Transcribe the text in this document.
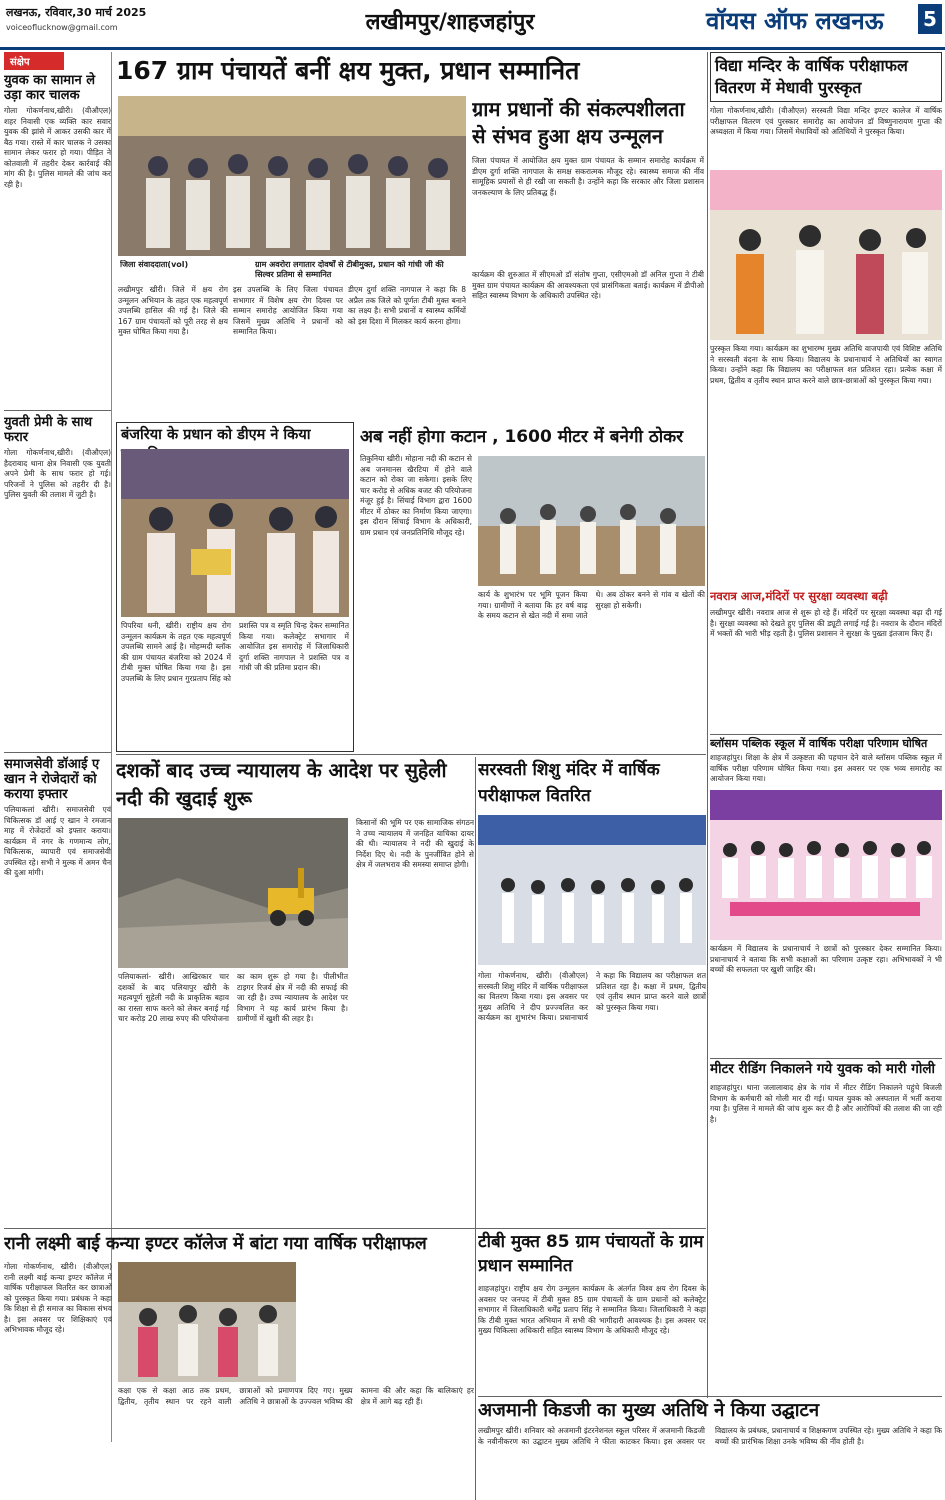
लखनऊ, रविवार,30 मार्च 2025
voiceoflucknow@gmail.com	लखीमपुर/शाहजहांपुर	वॉयस ऑफ लखनऊ 5
संक्षेप
युवक का सामान ले उड़ा कार चालक
गोला गोकर्णनाथ,खीरी। (वीऔएल) शहर निवासी एक व्यक्ति कार सवार युवक की झांसे में आकर उसकी कार में बैठ गया। रास्ते में कार चालक ने उसका सामान लेकर फरार हो गया। पीड़ित ने कोतवाली में तहरीर देकर कार्रवाई की मांग की है। पुलिस मामले की जांच कर रही है।
युवती प्रेमी के साथ फरार
गोला गोकर्णनाथ,खीरी। (वीऔएल) हैदराबाद थाना क्षेत्र निवासी एक युवती अपने प्रेमी के साथ फरार हो गई। परिजनों ने पुलिस को तहरीर दी है। पुलिस युवती की तलाश में जुटी है।
समाजसेवी डॉआई ए खान ने रोजेदारों को कराया इफ्तार
पलियाकलां खीरी। समाजसेवी एवं चिकित्सक डॉ आई ए खान ने रमजान माह में रोजेदारों को इफ्तार कराया। कार्यक्रम में नगर के गणमान्य लोग, चिकित्सक, व्यापारी एवं समाजसेवी उपस्थित रहे। सभी ने मुल्क में अमन चैन की दुआ मांगी।
167 ग्राम पंचायतें बनीं क्षय मुक्त, प्रधान सम्मानित
जिला संवाददाता(vol)	ग्राम अवरोरा लगातार दोवर्षों से टीबीमुक्त, प्रधान को गांधी जी की सिल्वर प्रतिमा से सम्मानित
लखीमपुर खीरी। जिले में क्षय रोग उन्मूलन अभियान के तहत एक महत्वपूर्ण उपलब्धि हासिल की गई है। जिले की 167 ग्राम पंचायतों को पूरी तरह से क्षय मुक्त घोषित किया गया है।
इस उपलब्धि के लिए जिला पंचायत सभागार में विशेष क्षय रोग दिवस पर सम्मान समारोह आयोजित किया गया जिसमें मुख्य अतिथि ने प्रधानों को सम्मानित किया।
डीएम दुर्गा शक्ति नागपाल ने कहा कि 8 अप्रैल तक जिले को पूर्णतः टीबी मुक्त बनाने का लक्ष्य है। सभी प्रधानों व स्वास्थ्य कर्मियों को इस दिशा में मिलकर कार्य करना होगा।
ग्राम प्रधानों की संकल्पशीलता से संभव हुआ क्षय उन्मूलन
जिला पंचायत में आयोजित क्षय मुक्त ग्राम पंचायत के सम्मान समारोह कार्यक्रम में डीएम दुर्गा शक्ति नागपाल के समक्ष सकरात्मक मौजूद रहे। स्वास्थ्य समाज की नींव सामूहिक प्रयासों से ही रखी जा सकती है। उन्होंने कहा कि सरकार और जिला प्रशासन जनकल्याण के लिए प्रतिबद्ध हैं।
कार्यक्रम की शुरुआत में सीएमओ डॉ संतोष गुप्ता, एसीएमओ डॉ अनिल गुप्ता ने टीबी मुक्त ग्राम पंचायत कार्यक्रम की आवश्यकता एवं प्रासंगिकता बताई। कार्यक्रम में डीपीओ सहित स्वास्थ्य विभाग के अधिकारी उपस्थित रहे।
बंजरिया के प्रधान को डीएम ने किया
पिपरिया धनी, खीरी। राष्ट्रीय क्षय रोग उन्मूलन कार्यक्रम के तहत एक महत्वपूर्ण उपलब्धि सामने आई है। मोहम्मदी ब्लॉक की ग्राम पंचायत बंजरिया को 2024 में टीबी मुक्त घोषित किया गया है। इस उपलब्धि के लिए प्रधान गुरप्रताप सिंह को प्रशस्ति पत्र व स्मृति चिन्ह देकर सम्मानित किया गया। कलेक्ट्रेट सभागार में आयोजित इस समारोह में जिलाधिकारी दुर्गा शक्ति नागपाल ने प्रशस्ति पत्र व गांधी जी की प्रतिमा प्रदान की।
अब नहीं होगा कटान , 1600 मीटर में बनेगी ठोकर
तिकुनिया खीरी। मोहाना नदी की कटान से अब जनमानस खैरटिया में होने वाले कटान को रोका जा सकेगा। इसके लिए चार करोड़ से अधिक बजट की परियोजना मंजूर हुई है। सिंचाई विभाग द्वारा 1600 मीटर में ठोकर का निर्माण किया जाएगा। इस दौरान सिंचाई विभाग के अधिकारी, ग्राम प्रधान एवं जनप्रतिनिधि मौजूद रहे।
कार्य के शुभारंभ पर भूमि पूजन किया गया। ग्रामीणों ने बताया कि हर वर्ष बाढ़ के समय कटान से खेत नदी में समा जाते थे। अब ठोकर बनने से गांव व खेतों की सुरक्षा हो सकेगी।
दशकों बाद उच्च न्यायालय के आदेश पर सुहेली नदी की खुदाई शुरू
पलियाकलां- खीरी। आखिरकार चार दशकों के बाद पलियापुर खीरी के महत्वपूर्ण सुहेली नदी के प्राकृतिक बहाव का रास्ता साफ करने को लेकर बनाई गई चार करोड़ 20 लाख रुपए की परियोजना का काम शुरू हो गया है। पीलीभीत टाइगर रिजर्व क्षेत्र में नदी की सफाई की जा रही है। उच्च न्यायालय के आदेश पर विभाग ने यह कार्य प्रारंभ किया है। ग्रामीणों में खुशी की लहर है।
किसानों की भूमि पर एक सामाजिक संगठन ने उच्च न्यायालय में जनहित याचिका दायर की थी। न्यायालय ने नदी की खुदाई के निर्देश दिए थे। नदी के पुनर्जीवित होने से क्षेत्र में जलभराव की समस्या समाप्त होगी।
सरस्वती शिशु मंदिर में वार्षिक परीक्षाफल वितरित
गोला गोकर्णनाथ, खीरी। (वीऔएल) सरस्वती शिशु मंदिर में वार्षिक परीक्षाफल का वितरण किया गया। इस अवसर पर मुख्य अतिथि ने दीप प्रज्ज्वलित कर कार्यक्रम का शुभारंभ किया। प्रधानाचार्य ने कहा कि विद्यालय का परीक्षाफल शत प्रतिशत रहा है। कक्षा में प्रथम, द्वितीय एवं तृतीय स्थान प्राप्त करने वाले छात्रों को पुरस्कृत किया गया।
रानी लक्ष्मी बाई कन्या इण्टर कॉलेज में बांटा गया वार्षिक परीक्षाफल
गोला गोकर्णनाथ, खीरी। (वीऔएल) रानी लक्ष्मी बाई कन्या इण्टर कॉलेज में वार्षिक परीक्षाफल वितरित कर छात्राओं को पुरस्कृत किया गया। प्रबंधक ने कहा कि शिक्षा से ही समाज का विकास संभव है। इस अवसर पर शिक्षिकाएं एवं अभिभावक मौजूद रहे।
कक्षा एक से कक्षा आठ तक प्रथम, द्वितीय, तृतीय स्थान पर रहने वाली छात्राओं को प्रमाणपत्र दिए गए। मुख्य अतिथि ने छात्राओं के उज्ज्वल भविष्य की कामना की और कहा कि बालिकाएं हर क्षेत्र में आगे बढ़ रही हैं।
टीबी मुक्त 85 ग्राम पंचायतों के ग्राम प्रधान सम्मानित
शाहजहांपुर। राष्ट्रीय क्षय रोग उन्मूलन कार्यक्रम के अंतर्गत विश्व क्षय रोग दिवस के अवसर पर जनपद में टीबी मुक्त 85 ग्राम पंचायतों के ग्राम प्रधानों को कलेक्ट्रेट सभागार में जिलाधिकारी धर्मेंद्र प्रताप सिंह ने सम्मानित किया। जिलाधिकारी ने कहा कि टीबी मुक्त भारत अभियान में सभी की भागीदारी आवश्यक है। इस अवसर पर मुख्य चिकित्सा अधिकारी सहित स्वास्थ्य विभाग के अधिकारी मौजूद रहे।
विद्या मन्दिर के वार्षिक परीक्षाफल वितरण में मेधावी पुरस्कृत
गोला गोकर्णनाथ,खीरी। (वीऔएल) सरस्वती विद्या मन्दिर इण्टर कालेज में वार्षिक परीक्षाफल वितरण एवं पुरस्कार समारोह का आयोजन डॉ विष्णुनारायण गुप्ता की अध्यक्षता में किया गया। जिसमें मेधावियों को अतिथियों ने पुरस्कृत किया।
पुरस्कृत किया गया। कार्यक्रम का शुभारम्भ मुख्य अतिथि वाजपायी एवं विशिष्ट अतिथि ने सरस्वती वंदना के साथ किया। विद्यालय के प्रधानाचार्य ने अतिथियों का स्वागत किया। उन्होंने कहा कि विद्यालय का परीक्षाफल शत प्रतिशत रहा। प्रत्येक कक्षा में प्रथम, द्वितीय व तृतीय स्थान प्राप्त करने वाले छात्र-छात्राओं को पुरस्कृत किया गया।
नवरात्र आज,मंदिरों पर सुरक्षा व्यवस्था बढ़ी
लखीमपुर खीरी। नवरात्र आज से शुरू हो रहे हैं। मंदिरों पर सुरक्षा व्यवस्था बढ़ा दी गई है। सुरक्षा व्यवस्था को देखते हुए पुलिस की ड्यूटी लगाई गई है। नवरात्र के दौरान मंदिरों में भक्तों की भारी भीड़ रहती है। पुलिस प्रशासन ने सुरक्षा के पुख्ता इंतजाम किए हैं।
ब्लॉसम पब्लिक स्कूल में वार्षिक परीक्षा परिणाम घोषित
शाहजहांपुर। शिक्षा के क्षेत्र में उत्कृष्टता की पहचान देने वाले ब्लॉसम पब्लिक स्कूल में वार्षिक परीक्षा परिणाम घोषित किया गया। इस अवसर पर एक भव्य समारोह का आयोजन किया गया।
कार्यक्रम में विद्यालय के प्रधानाचार्य ने छात्रों को पुरस्कार देकर सम्मानित किया। प्रधानाचार्य ने बताया कि सभी कक्षाओं का परिणाम उत्कृष्ट रहा। अभिभावकों ने भी बच्चों की सफलता पर खुशी जाहिर की।
मीटर रीडिंग निकालने गये युवक को मारी गोली
शाहजहांपुर। थाना जलालाबाद क्षेत्र के गांव में मीटर रीडिंग निकालने पहुंचे बिजली विभाग के कर्मचारी को गोली मार दी गई। घायल युवक को अस्पताल में भर्ती कराया गया है। पुलिस ने मामले की जांच शुरू कर दी है और आरोपियों की तलाश की जा रही है।
अजमानी किडजी का मुख्य अतिथि ने किया उद्घाटन
लखीमपुर खीरी। शनिवार को अजमानी इंटरनेशनल स्कूल परिसर में अजमानी किडजी के नवीनीकरण का उद्घाटन मुख्य अतिथि ने फीता काटकर किया। इस अवसर पर विद्यालय के प्रबंधक, प्रधानाचार्य व शिक्षकगण उपस्थित रहे। मुख्य अतिथि ने कहा कि बच्चों की प्रारंभिक शिक्षा उनके भविष्य की नींव होती है।
